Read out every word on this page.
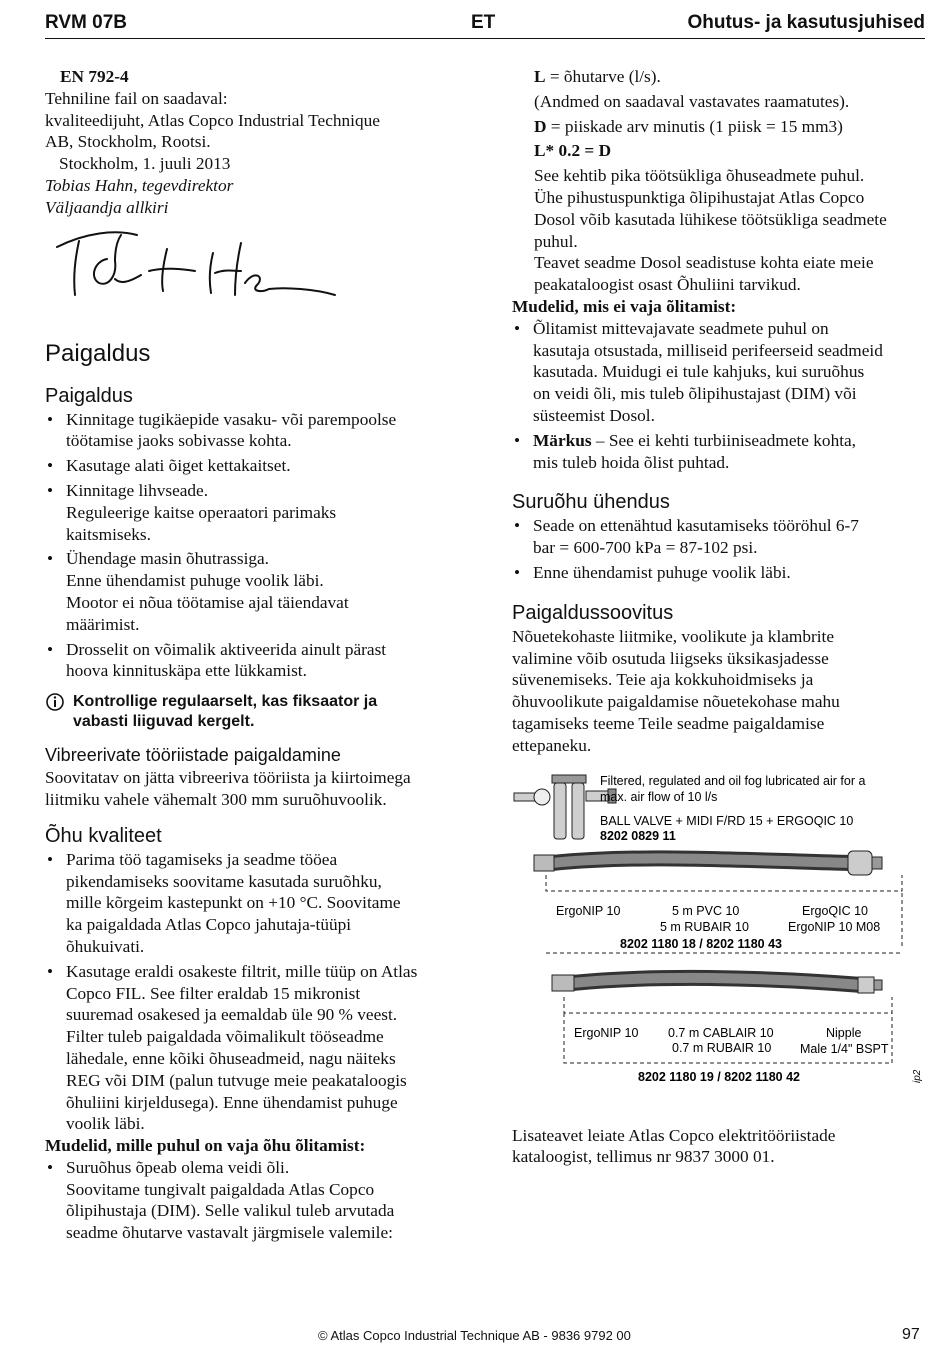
RVM 07B	ET	Ohutus- ja kasutusjuhised

EN 792-4

Tehniline fail on saadaval:

kvaliteedijuht, Atlas Copco Industrial Technique

AB, Stockholm, Rootsi.

Stockholm, 1. juuli 2013

Tobias Hahn, tegevdirektor

Väljaandja allkiri

Paigaldus

Paigaldus

• Kinnitage tugikäepide vasaku- või parempoolse
töötamise jaoks sobivasse kohta.
• Kasutage alati õiget kettakaitset.
• Kinnitage lihvseade.
Reguleerige kaitse operaatori parimaks
kaitsmiseks.
• Ühendage masin õhutrassiga.
Enne ühendamist puhuge voolik läbi.
Mootor ei nõua töötamise ajal täiendavat
määrimist.
• Drosselit on võimalik aktiveerida ainult pärast
hoova kinnituskäpa ette lükkamist.
Kontrollige regulaarselt, kas fiksaator ja
vabasti liiguvad kergelt.

Vibreerivate tööriistade paigaldamine

Soovitatav on jätta vibreeriva tööriista ja kiirtoimega

liitmiku vahele vähemalt 300 mm suruõhuvoolik.

Õhu kvaliteet

• Parima töö tagamiseks ja seadme tööea
pikendamiseks soovitame kasutada suruõhku,
mille kõrgeim kastepunkt on +10 °C. Soovitame
ka paigaldada Atlas Copco jahutaja-tüüpi
õhukuivati.
• Kasutage eraldi osakeste filtrit, mille tüüp on Atlas
Copco FIL. See filter eraldab 15 mikronist
suuremad osakesed ja eemaldab üle 90 % veest.
Filter tuleb paigaldada võimalikult tööseadme
lähedale, enne kõiki õhuseadmeid, nagu näiteks
REG või DIM (palun tutvuge meie peakataloogis
õhuliini kirjeldusega). Enne ühendamist puhuge
voolik läbi.

Mudelid, mille puhul on vaja õhu õlitamist:

• Suruõhus õpeab olema veidi õli.
Soovitame tungivalt paigaldada Atlas Copco
õlipihustaja (DIM). Selle valikul tuleb arvutada
seadme õhutarve vastavalt järgmisele valemile:

L = õhutarve (l/s).

(Andmed on saadaval vastavates raamatutes).

D = piiskade arv minutis (1 piisk = 15 mm3)

L* 0.2 = D

See kehtib pika töötsükliga õhuseadmete puhul.
Ühe pihustuspunktiga õlipihustajat Atlas Copco
Dosol võib kasutada lühikese töötsükliga seadmete
puhul.
Teavet seadme Dosol seadistuse kohta eiate meie
peakataloogist osast Õhuliini tarvikud.

Mudelid, mis ei vaja õlitamist:

• Õlitamist mittevajavate seadmete puhul on
kasutaja otsustada, milliseid perifeerseid seadmeid
kasutada. Muidugi ei tule kahjuks, kui suruõhus
on veidi õli, mis tuleb õlipihustajast (DIM) või
süsteemist Dosol.
• Märkus – See ei kehti turbiiniseadmete kohta,
mis tuleb hoida õlist puhtad.

Suruõhu ühendus

• Seade on ettenähtud kasutamiseks tööröhul 6-7
bar = 600-700 kPa = 87-102 psi.
• Enne ühendamist puhuge voolik läbi.

Paigaldussoovitus

Nõuetekohaste liitmike, voolikute ja klambrite
valimine võib osutuda liigseks üksikasjadesse
süvenemiseks. Teie aja kokkuhoidmiseks ja
õhuvoolikute paigaldamise nõuetekohase mahu
tagamiseks teeme Teile seadme paigaldamise
ettepaneku.
Filtered, regulated and oil fog lubricated air for a
max. air flow of 10 l/s
BALL VALVE + MIDI F/RD 15 + ERGOQIC 10
8202 0829 11
ErgoNIP 10	5 m PVC 10
5 m RUBAIR 10
ErgoQIC 10
ErgoNIP 10 M08
8202 1180 18 / 8202 1180 43
ErgoNIP 10 0.7 m CABLAIR 10
0.7 m RUBAIR 10
Nipple
Male 1/4" BSPT
8202 1180 19 / 8202 1180 42	ip2
Lisateavet leiate Atlas Copco elektritööriistade
kataloogist, tellimus nr 9837 3000 01.
© Atlas Copco Industrial Technique AB - 9836 9792 00	97
